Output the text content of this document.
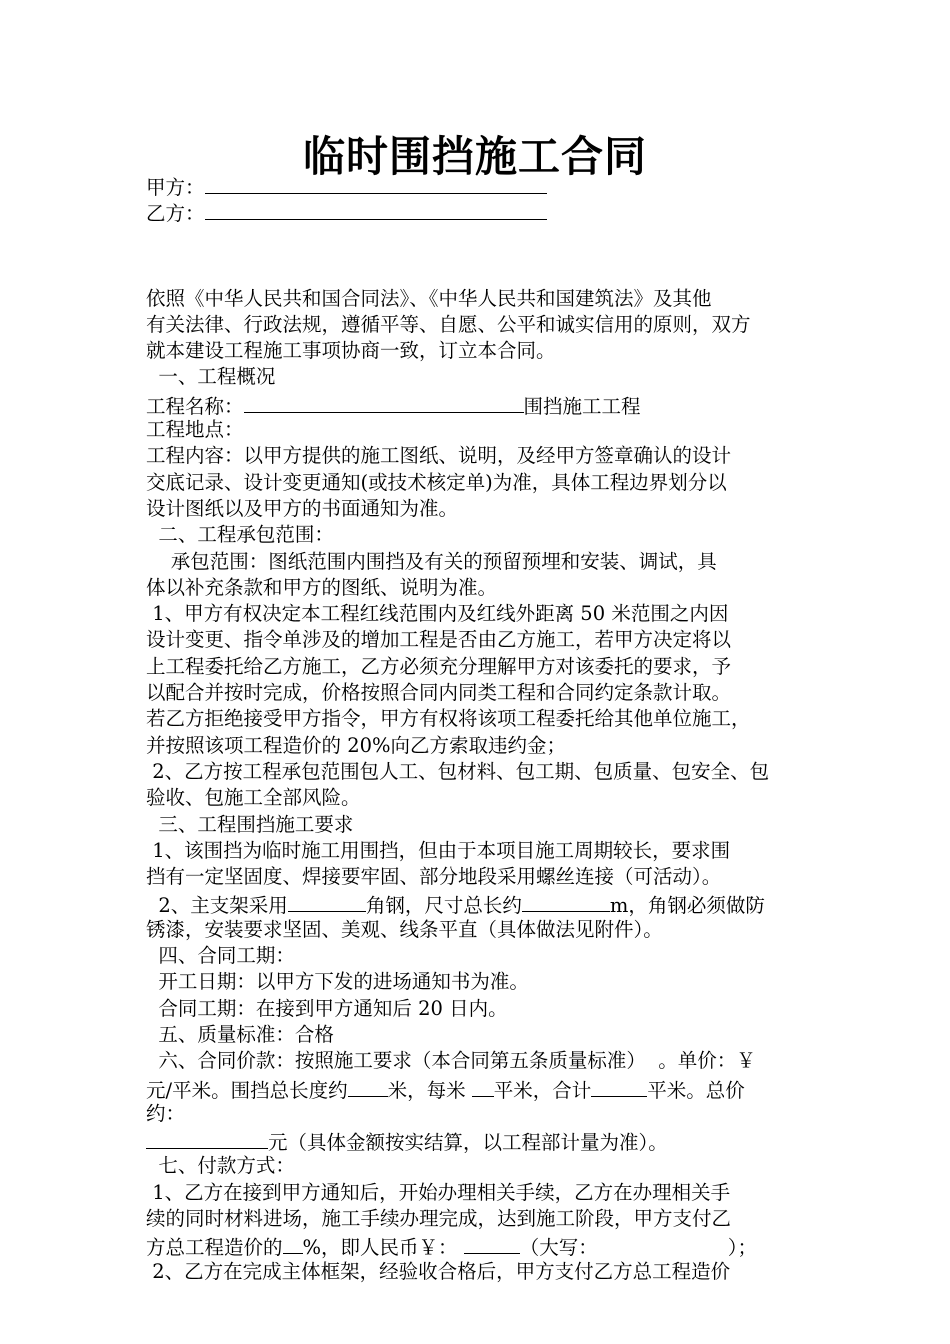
临时围挡施工合同
甲方：
乙方：
依照《中华人民共和国合同法》、《中华人民共和国建筑法》及其他
有关法律、行政法规，遵循平等、自愿、公平和诚实信用的原则，双方
就本建设工程施工事项协商一致，订立本合同。
一、工程概况
工程名称：	围挡施工工程
工程地点：
工程内容：以甲方提供的施工图纸、说明，及经甲方签章确认的设计
交底记录、设计变更通知(或技术核定单)为准，具体工程边界划分以
设计图纸以及甲方的书面通知为准。
二、工程承包范围：
承包范围：图纸范围内围挡及有关的预留预埋和安装、调试，具
体以补充条款和甲方的图纸、说明为准。
1、甲方有权决定本工程红线范围内及红线外距离 50 米范围之内因
设计变更、指令单涉及的增加工程是否由乙方施工，若甲方决定将以
上工程委托给乙方施工，乙方必须充分理解甲方对该委托的要求，予
以配合并按时完成，价格按照合同内同类工程和合同约定条款计取。
若乙方拒绝接受甲方指令，甲方有权将该项工程委托给其他单位施工，
并按照该项工程造价的 20%向乙方索取违约金；
2、乙方按工程承包范围包人工、包材料、包工期、包质量、包安全、包
验收、包施工全部风险。
三、工程围挡施工要求
1、该围挡为临时施工用围挡，但由于本项目施工周期较长，要求围
挡有一定坚固度、焊接要牢固、部分地段采用螺丝连接（可活动）。
2、主支架采用	角钢，尺寸总长约	m，角钢必须做防
锈漆，安装要求坚固、美观、线条平直（具体做法见附件）。
四、合同工期：
开工日期：以甲方下发的进场通知书为准。
合同工期：在接到甲方通知后 20 日内。
五、质量标准：合格
六、合同价款：按照施工要求（本合同第五条质量标准）  。单价：￥
元/平米。围挡总长度约 米，每米 平米，合计	平米。总价
约：
元（具体金额按实结算，以工程部计量为准）。
七、付款方式：
1、乙方在接到甲方通知后，开始办理相关手续，乙方在办理相关手
续的同时材料进场，施工手续办理完成，达到施工阶段，甲方支付乙
方总工程造价的 %，即人民币￥：	（大写：	）；
2、乙方在完成主体框架，经验收合格后，甲方支付乙方总工程造价
